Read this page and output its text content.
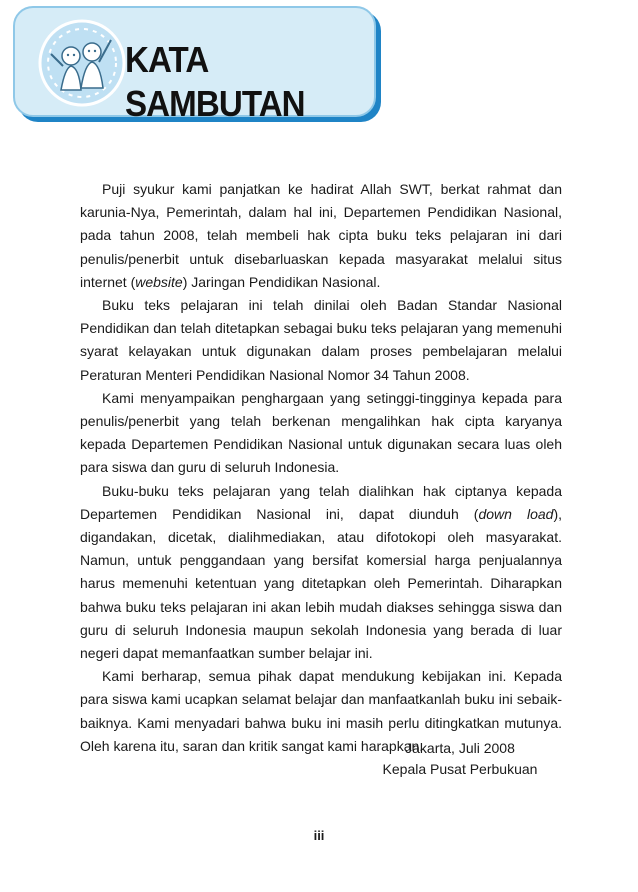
KATA SAMBUTAN

Puji syukur kami panjatkan ke hadirat Allah SWT, berkat rahmat dan karunia-Nya, Pemerintah, dalam hal ini, Departemen Pendidikan Nasional, pada tahun 2008, telah membeli hak cipta buku teks pelajaran ini dari penulis/penerbit untuk disebarluaskan kepada masyarakat melalui situs internet (website) Jaringan Pendidikan Nasional.

Buku teks pelajaran ini telah dinilai oleh Badan Standar Nasional Pendidikan dan telah ditetapkan sebagai buku teks pelajaran yang memenuhi syarat kelayakan untuk digunakan dalam proses pembelajaran melalui Peraturan Menteri Pendidikan Nasional Nomor 34 Tahun 2008.

Kami menyampaikan penghargaan yang setinggi-tingginya kepada para penulis/penerbit yang telah berkenan mengalihkan hak cipta karyanya kepada Departemen Pendidikan Nasional untuk digunakan secara luas oleh para siswa dan guru di seluruh Indonesia.

Buku-buku teks pelajaran yang telah dialihkan hak ciptanya kepada Departemen Pendidikan Nasional ini, dapat diunduh (down load), digandakan, dicetak, dialihmediakan, atau difotokopi oleh masyarakat. Namun, untuk penggandaan yang bersifat komersial harga penjualannya harus memenuhi ketentuan yang ditetapkan oleh Pemerintah. Diharapkan bahwa buku teks pelajaran ini akan lebih mudah diakses sehingga siswa dan guru di seluruh Indonesia maupun sekolah Indonesia yang berada di luar negeri dapat memanfaatkan sumber belajar ini.

Kami berharap, semua pihak dapat mendukung kebijakan ini. Kepada para siswa kami ucapkan selamat belajar dan manfaatkanlah buku ini sebaik-baiknya. Kami menyadari bahwa buku ini masih perlu ditingkatkan mutunya. Oleh karena itu, saran dan kritik sangat kami harapkan.

Jakarta, Juli 2008
Kepala Pusat Perbukuan
iii
